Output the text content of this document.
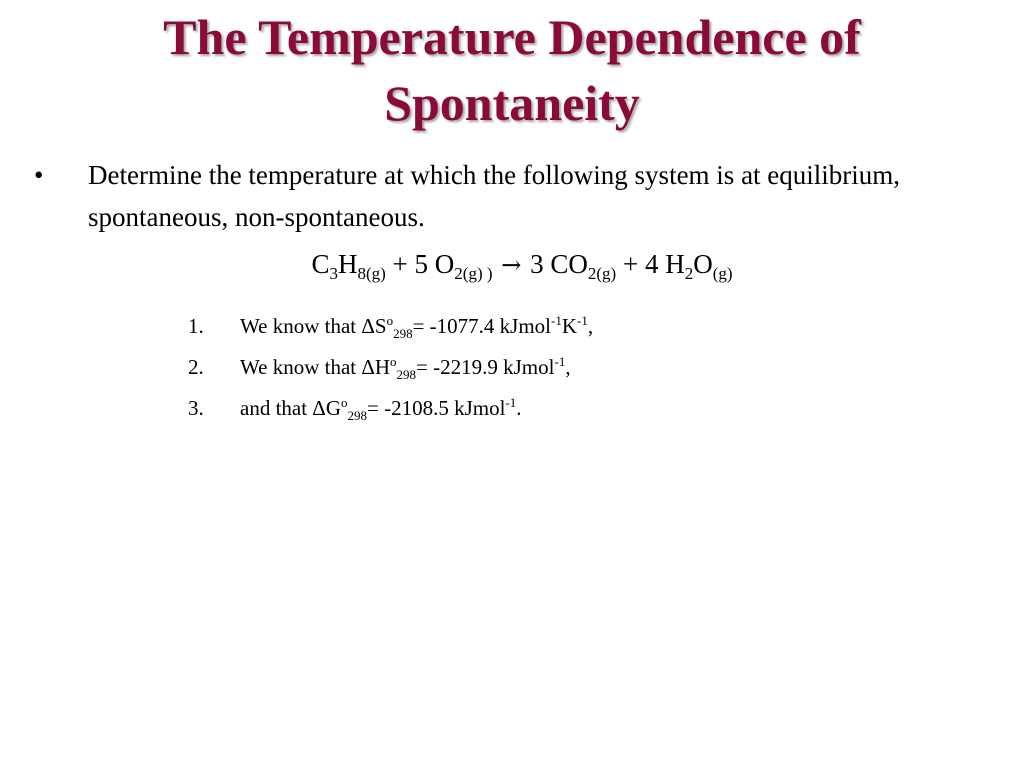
The Temperature Dependence of
Spontaneity
• Determine the temperature at which the following system is at equilibrium, spontaneous, non-spontaneous.
$C_3H_{8(g)} + 5$ $O_{2(g) )} \to 3$ $CO_{2(g)} + 4$ $H_2O_{(g)}$
1. We know that $\Delta S^o_{298}= -1077.4$ $kJmol^{-1}K^{-1}$,
2. We know that $\Delta H^o_{298}= -2219.9$ kJmol$^{-1}$,
3. and that $\Delta G^o_{298}= -2108.5$ kJmol$^{-1}$.
